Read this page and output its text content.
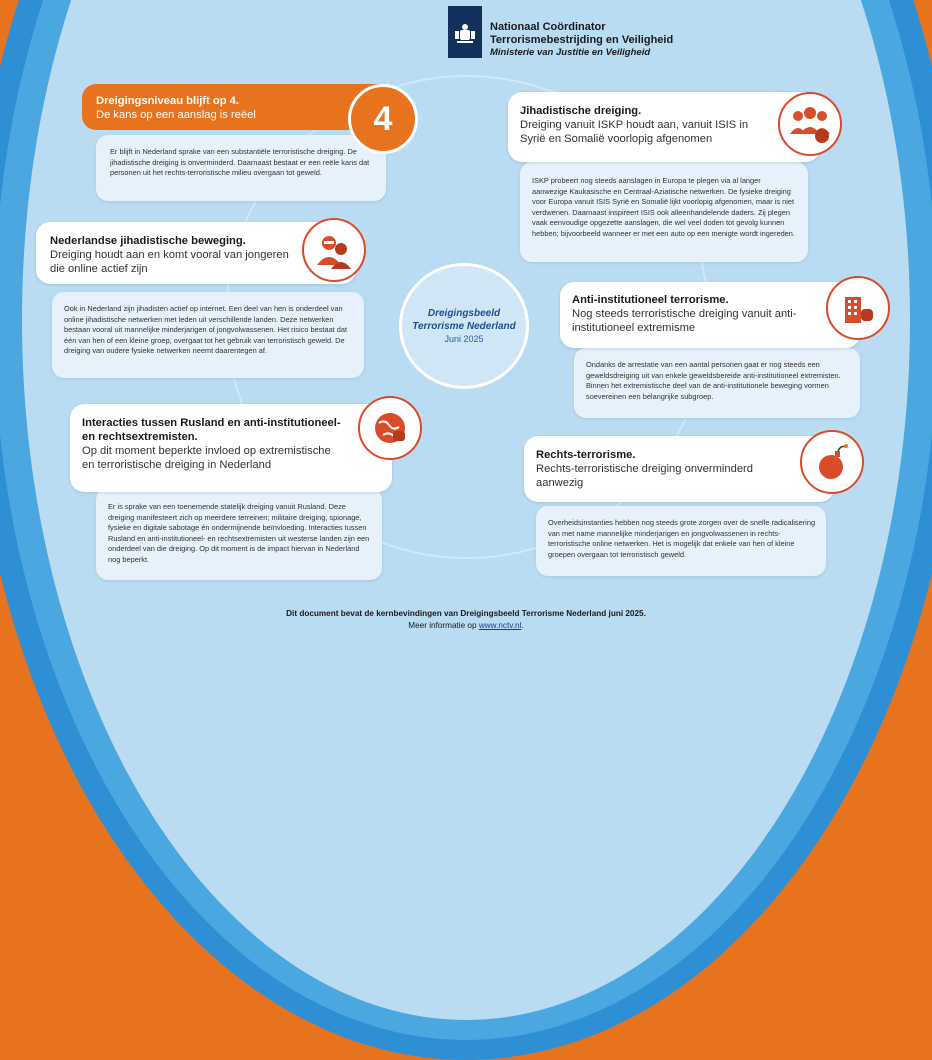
Nationaal Coördinator
Terrorismebestrijding en Veiligheid
Ministerie van Justitie en Veiligheid
Er blijft in Nederland sprake van een substantiële terroristische dreiging. De jihadistische dreiging is onverminderd. Daarnaast bestaat er een reële kans dat personen uit het rechts-terroristische milieu overgaan tot geweld.
Dreigingsniveau blijft op 4.
De kans op een aanslag is reëel	4
Ook in Nederland zijn jihadisten actief op internet. Een deel van hen is onderdeel van online jihadistische netwerken met leden uit verschillende landen. Deze netwerken bestaan vooral uit mannelijke minderjarigen of jongvolwassenen. Het risico bestaat dat één van hen of een kleine groep, overgaat tot het gebruik van terroristisch geweld. De dreiging van oudere fysieke netwerken neemt daarentegen af.
Nederlandse jihadistische beweging.
Dreiging houdt aan en komt vooral van jongeren die online actief zijn
Er is sprake van een toenemende statelijk dreiging vanuit Rusland. Deze dreiging manifesteert zich op meerdere terreinen; militaire dreiging, spionage, fysieke en digitale sabotage én ondermijnende beïnvloeding. Interacties tussen Rusland en anti-institutioneel- en rechtsextremisten uit westerse landen zijn een onderdeel van die dreiging. Op dit moment is de impact hiervan in Nederland nog beperkt.
Interacties tussen Rusland en anti-institutioneel- en rechtsextremisten.
Op dit moment beperkte invloed op extremistische en terroristische dreiging in Nederland
ISKP probeert nog steeds aanslagen in Europa te plegen via al langer aanwezige Kaukasische en Centraal-Aziatische netwerken. De fysieke dreiging voor Europa vanuit ISIS Syrië en Somalië lijkt voorlopig afgenomen, maar is niet verdwenen. Daarnaast inspireert ISIS ook alleenhandelende daders. Zij plegen vaak eenvoudige opgezette aanslagen, die wel veel doden tot gevolg kunnen hebben; bijvoorbeeld wanneer er met een auto op een menigte wordt ingereden.
Jihadistische dreiging.
Dreiging vanuit ISKP houdt aan, vanuit ISIS in Syrië en Somalië voorlopig afgenomen
Ondanks de arrestatie van een aantal personen gaat er nog steeds een geweldsdreiging uit van enkele geweldsbereide anti-institutioneel extremisten. Binnen het extremistische deel van de anti-institutionele beweging vormen soevereinen een belangrijke subgroep.
Anti-institutioneel terrorisme.
Nog steeds terroristische dreiging vanuit anti-institutioneel extremisme
Overheidsinstanties hebben nog steeds grote zorgen over de snelle radicalisering van met name mannelijke minderjarigen en jongvolwassenen in rechts-terroristische online netwerken. Het is mogelijk dat enkele van hen of kleine groepen overgaan tot terroristisch geweld.
Rechts-terrorisme.
Rechts-terroristische dreiging onverminderd aanwezig
Dreigingsbeeld
Terrorisme Nederland
Juni 2025
Dit document bevat de kernbevindingen van Dreigingsbeeld Terrorisme Nederland juni 2025.
Meer informatie op www.nctv.nl.
